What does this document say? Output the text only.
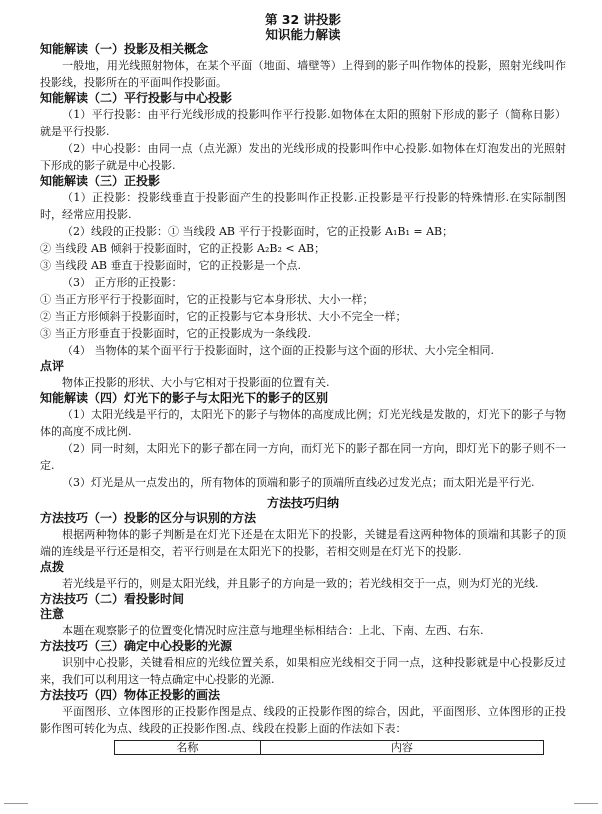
第 32 讲投影
知识能力解读
知能解读（一）投影及相关概念

一般地，用光线照射物体，在某个平面（地面、墙壁等）上得到的影子叫作物体的投影，照射光线叫作投影线，投影所在的平面叫作投影面。

知能解读（二）平行投影与中心投影

（1）平行投影：由平行光线形成的投影叫作平行投影.如物体在太阳的照射下形成的影子（简称日影）就是平行投影.

（2）中心投影：由同一点（点光源）发出的光线形成的投影叫作中心投影.如物体在灯泡发出的光照射下形成的影子就是中心投影.

知能解读（三）正投影

（1）正投影：投影线垂直于投影面产生的投影叫作正投影.正投影是平行投影的特殊情形.在实际制图时，经常应用投影.

（2）线段的正投影：① 当线段 AB 平行于投影面时，它的正投影 A₁B₁ = AB；

② 当线段 AB 倾斜于投影面时，它的正投影 A₂B₂ < AB；

③ 当线段 AB 垂直于投影面时，它的正投影是一个点.

（3） 正方形的正投影：

① 当正方形平行于投影面时，它的正投影与它本身形状、大小一样；

② 当正方形倾斜于投影面时，它的正投影与它本身形状、大小不完全一样；

③ 当正方形垂直于投影面时，它的正投影成为一条线段.

（4） 当物体的某个面平行于投影面时，这个面的正投影与这个面的形状、大小完全相同.

点评

物体正投影的形状、大小与它相对于投影面的位置有关.

知能解读（四）灯光下的影子与太阳光下的影子的区别

（1）太阳光线是平行的，太阳光下的影子与物体的高度成比例；灯光光线是发散的，灯光下的影子与物体的高度不成比例.

（2）同一时刻，太阳光下的影子都在同一方向，而灯光下的影子都在同一方向，即灯光下的影子则不一定.

（3）灯光是从一点发出的，所有物体的顶端和影子的顶端所直线必过发光点；而太阳光是平行光.

方法技巧归纳
方法技巧（一）投影的区分与识别的方法

根据两种物体的影子判断是在灯光下还是在太阳光下的投影，关键是看这两种物体的顶端和其影子的顶端的连线是平行还是相交，若平行则是在太阳光下的投影，若相交则是在灯光下的投影.

点拨

若光线是平行的，则是太阳光线，并且影子的方向是一致的；若光线相交于一点，则为灯光的光线.

方法技巧（二）看投影时间
注意

本题在观察影子的位置变化情况时应注意与地理坐标相结合：上北、下南、左西、右东.

方法技巧（三）确定中心投影的光源

识别中心投影，关键看相应的光线位置关系，如果相应光线相交于同一点，这种投影就是中心投影反过来，我们可以利用这一特点确定中心投影的光源.

方法技巧（四）物体正投影的画法

平面图形、立体图形的正投影作图是点、线段的正投影作图的综合，因此，平面图形、立体图形的正投影作图可转化为点、线段的正投影作图.点、线段在投影上面的作法如下表：

名称	内容
